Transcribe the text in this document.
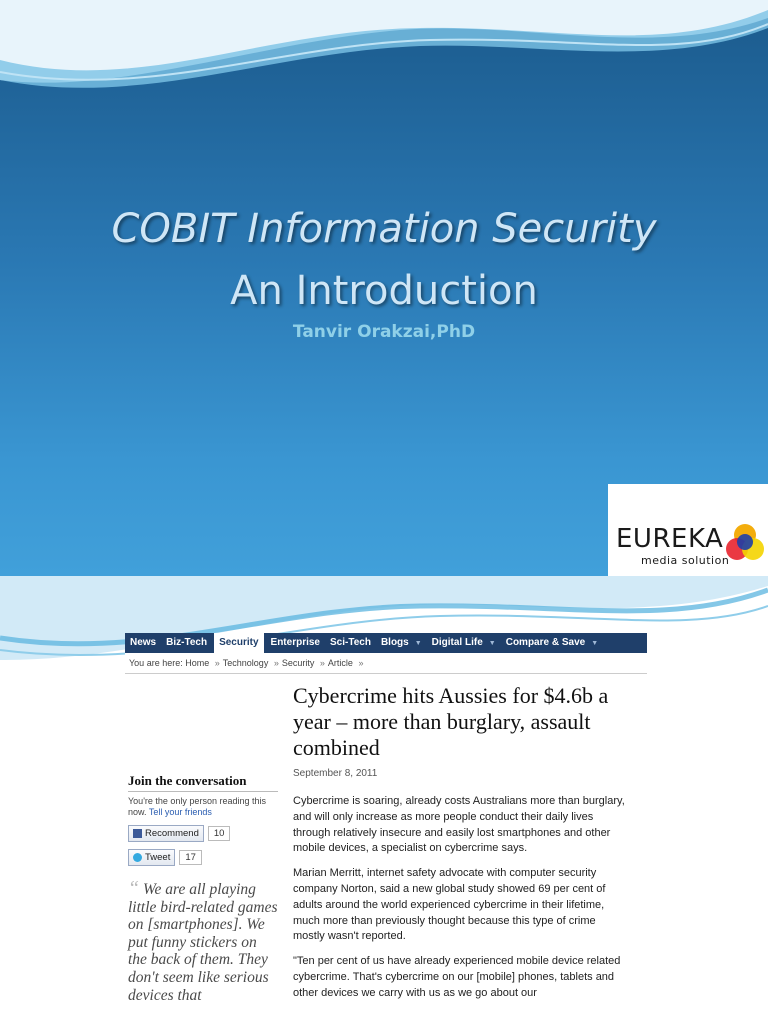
COBIT Information Security
An Introduction
Tanvir Orakzai,PhD
EUREKA
media solution
News	Biz-Tech	Security	Enterprise	Sci-Tech	Blogs ▼	Digital Life ▼	Compare & Save ▼
You are here: Home » Technology » Security » Article »
Cybercrime hits Aussies for $4.6b a year – more than burglary, assault combined
September 8, 2011

Cybercrime is soaring, already costs Australians more than burglary, and will only increase as more people conduct their daily lives through relatively insecure and easily lost smartphones and other mobile devices, a specialist on cybercrime says.

Marian Merritt, internet safety advocate with computer security company Norton, said a new global study showed 69 per cent of adults around the world experienced cybercrime in their lifetime, much more than previously thought because this type of crime mostly wasn't reported.

"Ten per cent of us have already experienced mobile device related cybercrime. That's cybercrime on our [mobile] phones, tablets and other devices we carry with us as we go about our

Join the conversation
You're the only person reading this now. Tell your friends
Recommend	10
Tweet	17
“ We are all playing little bird-related games on [smartphones]. We put funny stickers on the back of them. They don't seem like serious devices that
